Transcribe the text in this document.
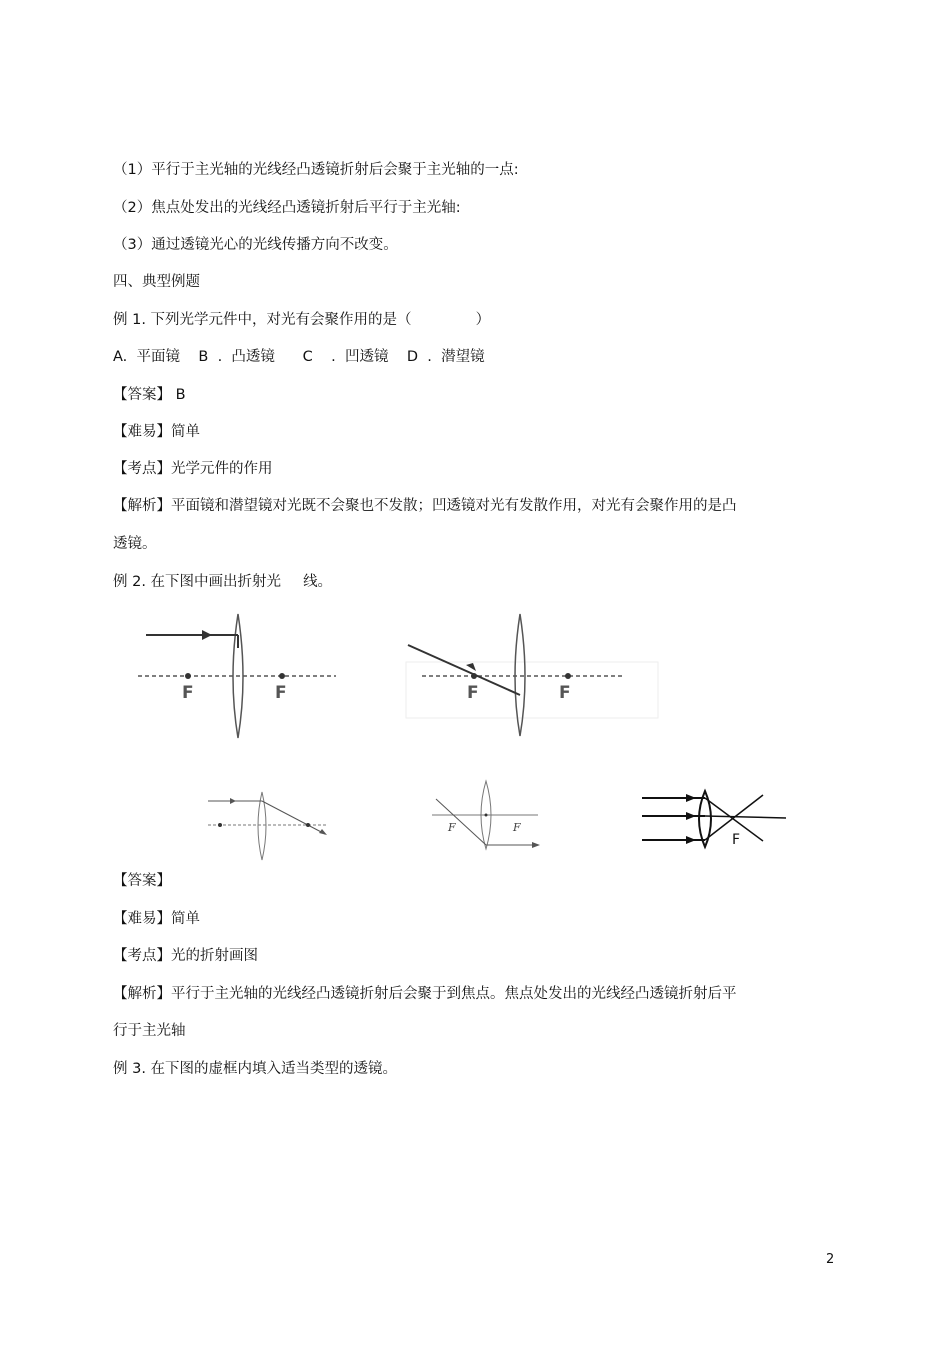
（1）平行于主光轴的光线经凸透镜折射后会聚于主光轴的一点:
（2）焦点处发出的光线经凸透镜折射后平行于主光轴:
（3）通过透镜光心的光线传播方向不改变。
四、典型例题
例 1. 下列光学元件中，对光有会聚作用的是（	）
A.  平面镜    B  .  凸透镜      C    .  凹透镜    D  .  潜望镜
【答案】 B
【难易】简单
【考点】光学元件的作用
【解析】平面镜和潜望镜对光既不会聚也不发散；凹透镜对光有发散作用，对光有会聚作用的是凸
透镜。
例 2. 在下图中画出折射光 线。
F	F	F	F
F	F
F
【答案】
【难易】简单
【考点】光的折射画图
【解析】平行于主光轴的光线经凸透镜折射后会聚于到焦点。焦点处发出的光线经凸透镜折射后平
行于主光轴
例 3. 在下图的虚框内填入适当类型的透镜。
2
